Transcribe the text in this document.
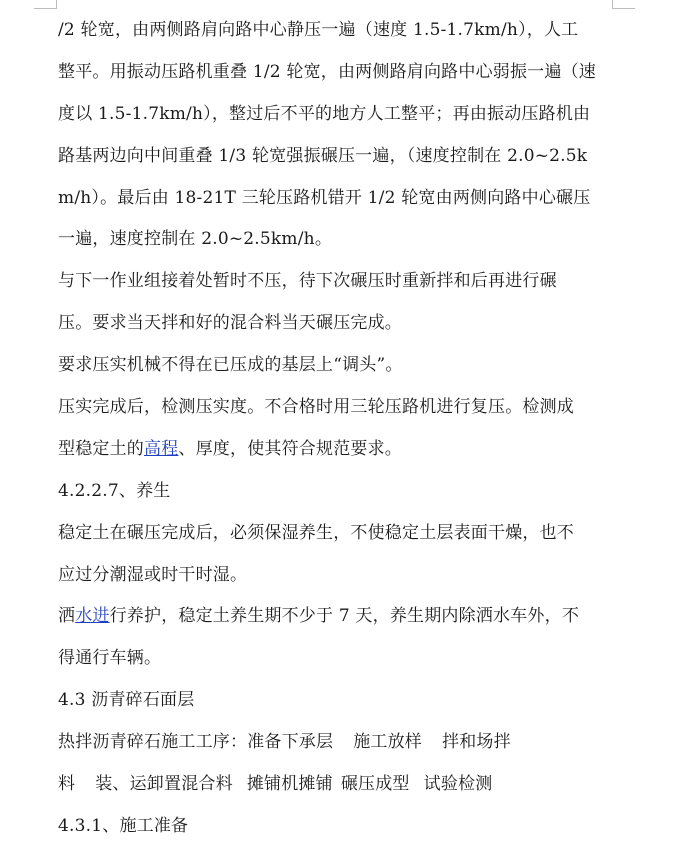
/2 轮宽，由两侧路肩向路中心静压一遍（速度 1.5-1.7km/h），人工
整平。用振动压路机重叠 1/2 轮宽，由两侧路肩向路中心弱振一遍（速
度以 1.5-1.7km/h），整过后不平的地方人工整平；再由振动压路机由
路基两边向中间重叠 1/3 轮宽强振碾压一遍，（速度控制在 2.0~2.5k
m/h）。最后由 18-21T 三轮压路机错开 1/2 轮宽由两侧向路中心碾压
一遍，速度控制在 2.0~2.5km/h。
与下一作业组接着处暂时不压，待下次碾压时重新拌和后再进行碾
压。要求当天拌和好的混合料当天碾压完成。
要求压实机械不得在已压成的基层上“调头”。
压实完成后，检测压实度。不合格时用三轮压路机进行复压。检测成
型稳定土的高程、厚度，使其符合规范要求。
4.2.2.7、养生
稳定土在碾压完成后，必须保湿养生，不使稳定土层表面干燥，也不
应过分潮湿或时干时湿。
洒水进行养护，稳定土养生期不少于 7 天，养生期内除洒水车外，不
得通行车辆。
4.3 沥青碎石面层
热拌沥青碎石施工工序：准备下承层 施工放样 拌和场拌
料 装、运卸置混合料 摊铺机摊铺 碾压成型 试验检测
4.3.1、施工准备
